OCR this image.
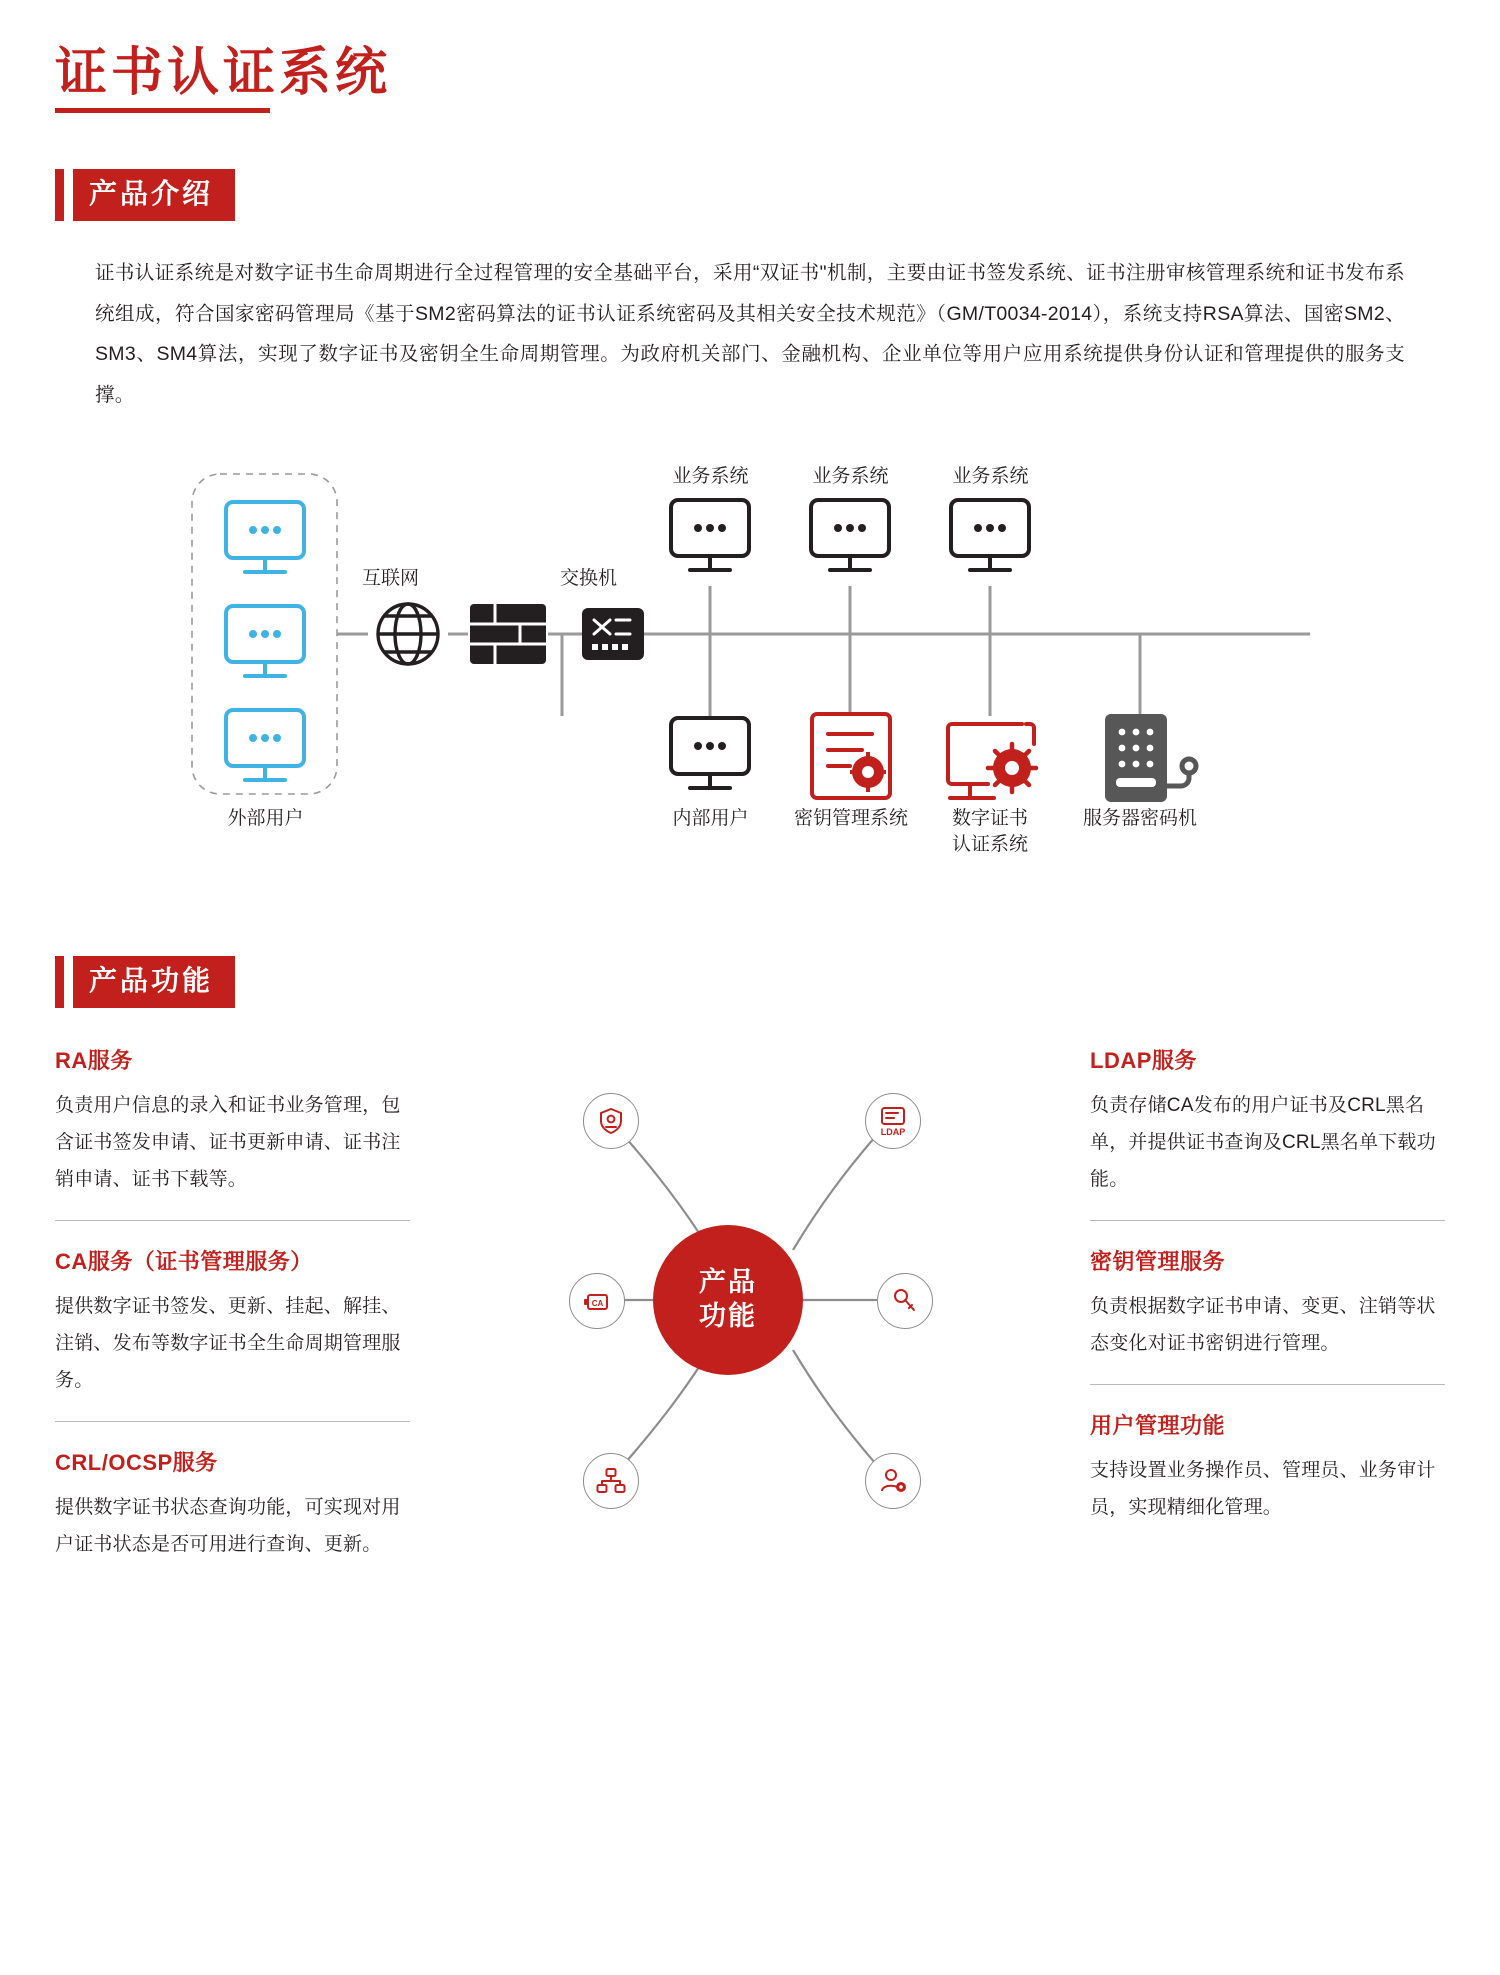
证书认证系统
产品介绍

证书认证系统是对数字证书生命周期进行全过程管理的安全基础平台，采用“双证书"机制，主要由证书签发系统、证书注册审核管理系统和证书发布系统组成，符合国家密码管理局《基于SM2密码算法的证书认证系统密码及其相关安全技术规范》（GM/T0034-2014），系统支持RSA算法、国密SM2、SM3、SM4算法，实现了数字证书及密钥全生命周期管理。为政府机关部门、金融机构、企业单位等用户应用系统提供身份认证和管理提供的服务支撑。

外部用户
互联网	交换机
内部用户	密钥管理系统	数字证书
认证系统
服务器密码机
业务系统	业务系统	业务系统
产品功能
RA服务
负责用户信息的录入和证书业务管理，包含证书签发申请、证书更新申请、证书注销申请、证书下载等。
CA服务（证书管理服务）
提供数字证书签发、更新、挂起、解挂、注销、发布等数字证书全生命周期管理服务。
CRL/OCSP服务
提供数字证书状态查询功能，可实现对用户证书状态是否可用进行查询、更新。
产品
功能
LDAP
CA
LDAP服务
负责存储CA发布的用户证书及CRL黑名单，并提供证书查询及CRL黑名单下载功能。
密钥管理服务
负责根据数字证书申请、变更、注销等状态变化对证书密钥进行管理。
用户管理功能
支持设置业务操作员、管理员、业务审计员，实现精细化管理。
